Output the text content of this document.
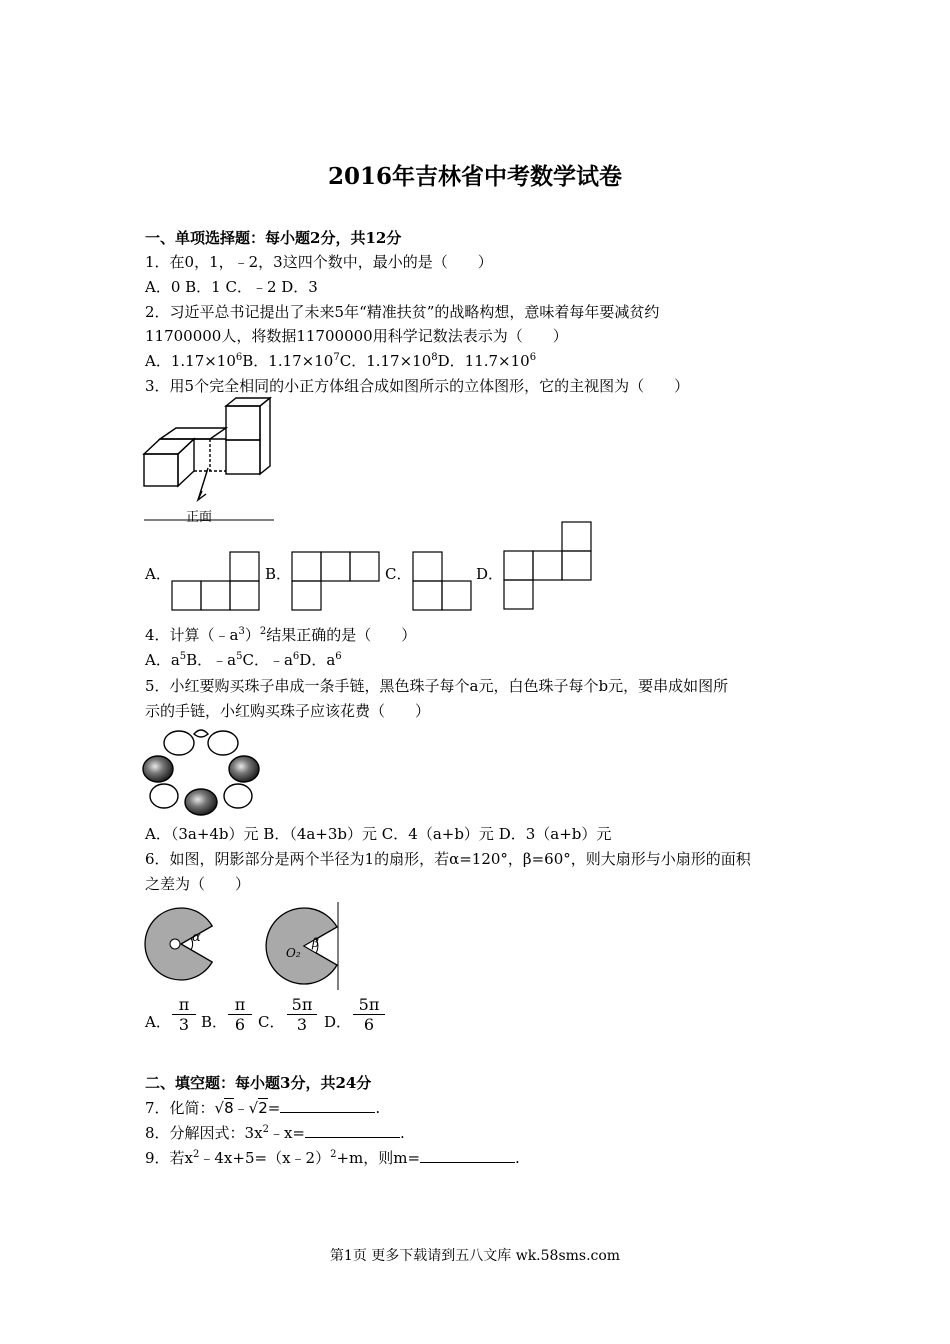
2016年吉林省中考数学试卷
一、单项选择题：每小题2分，共12分
1．在0，1，﹣2，3这四个数中，最小的是（　　）
A．0 B．1 C．﹣2 D．3
2．习近平总书记提出了未来5年“精准扶贫”的战略构想，意味着每年要减贫约
11700000人，将数据11700000用科学记数法表示为（　　）
A．$1.17\times 10^6B$．$1.17\times 10^7C$．$1.17\times 10^8D$．$11.7\times 10^6$
3．用5个完全相同的小正方体组合成如图所示的立体图形，它的主视图为（　　）
正面
A．	B．	C．	D．
4．计算$(﹣a^3)^2$结果正确的是（　　）
A．$a^5B$．$﹣a^5C$．$﹣a^6D$．$a^6$
5．小红要购买珠子串成一条手链，黑色珠子每个a元，白色珠子每个b元，要串成如图所
示的手链，小红购买珠子应该花费（　　）
A．（3a+4b）元 B．（4a+3b）元 C．4（a+b）元 D．3（a+b）元
6．如图，阴影部分是两个半径为1的扇形，若α=120°，β=60°，则大扇形与小扇形的面积
之差为（　　）
α	β
O₂
A． $\frac{\pi}{3}$ B． $\frac{\pi}{6}$ C． $\frac{5\pi}{3}$ D． $\frac{5\pi}{6}$
二、填空题：每小题3分，共24分
7．化简：√8﹣√2=	.
8．分解因式：$3x^2﹣x=$	.
9．若$x^2﹣4x+5=(x﹣2)^2+m$，则m=	.
第1页 更多下载请到五八文库 wk.58sms.com
